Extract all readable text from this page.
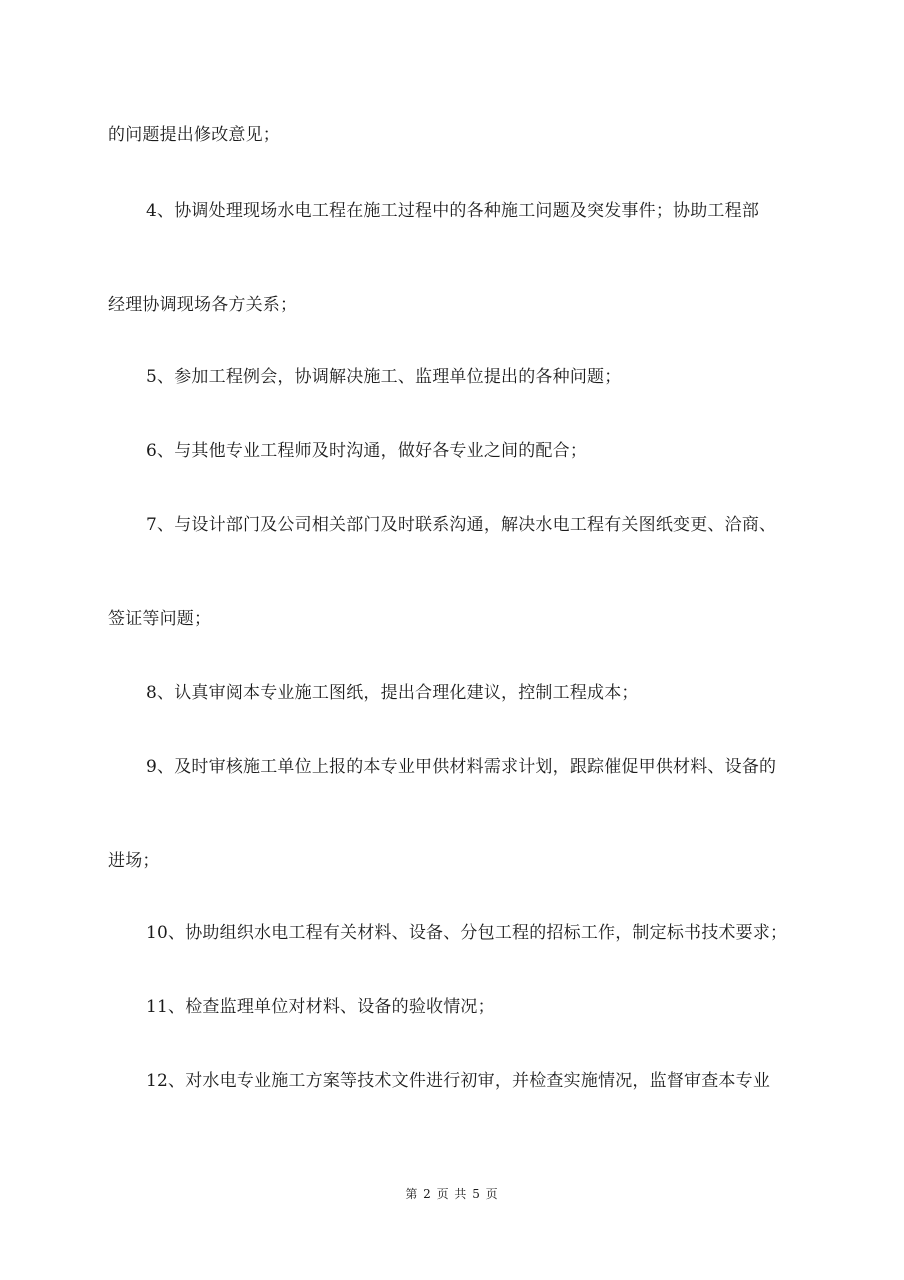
的问题提出修改意见；
4、协调处理现场水电工程在施工过程中的各种施工问题及突发事件；协助工程部
经理协调现场各方关系；
5、参加工程例会，协调解决施工、监理单位提出的各种问题；
6、与其他专业工程师及时沟通，做好各专业之间的配合；
7、与设计部门及公司相关部门及时联系沟通，解决水电工程有关图纸变更、洽商、
签证等问题；
8、认真审阅本专业施工图纸，提出合理化建议，控制工程成本；
9、及时审核施工单位上报的本专业甲供材料需求计划，跟踪催促甲供材料、设备的
进场；
10、协助组织水电工程有关材料、设备、分包工程的招标工作，制定标书技术要求；
11、检查监理单位对材料、设备的验收情况；
12、对水电专业施工方案等技术文件进行初审，并检查实施情况，监督审查本专业
第 2 页 共 5 页
